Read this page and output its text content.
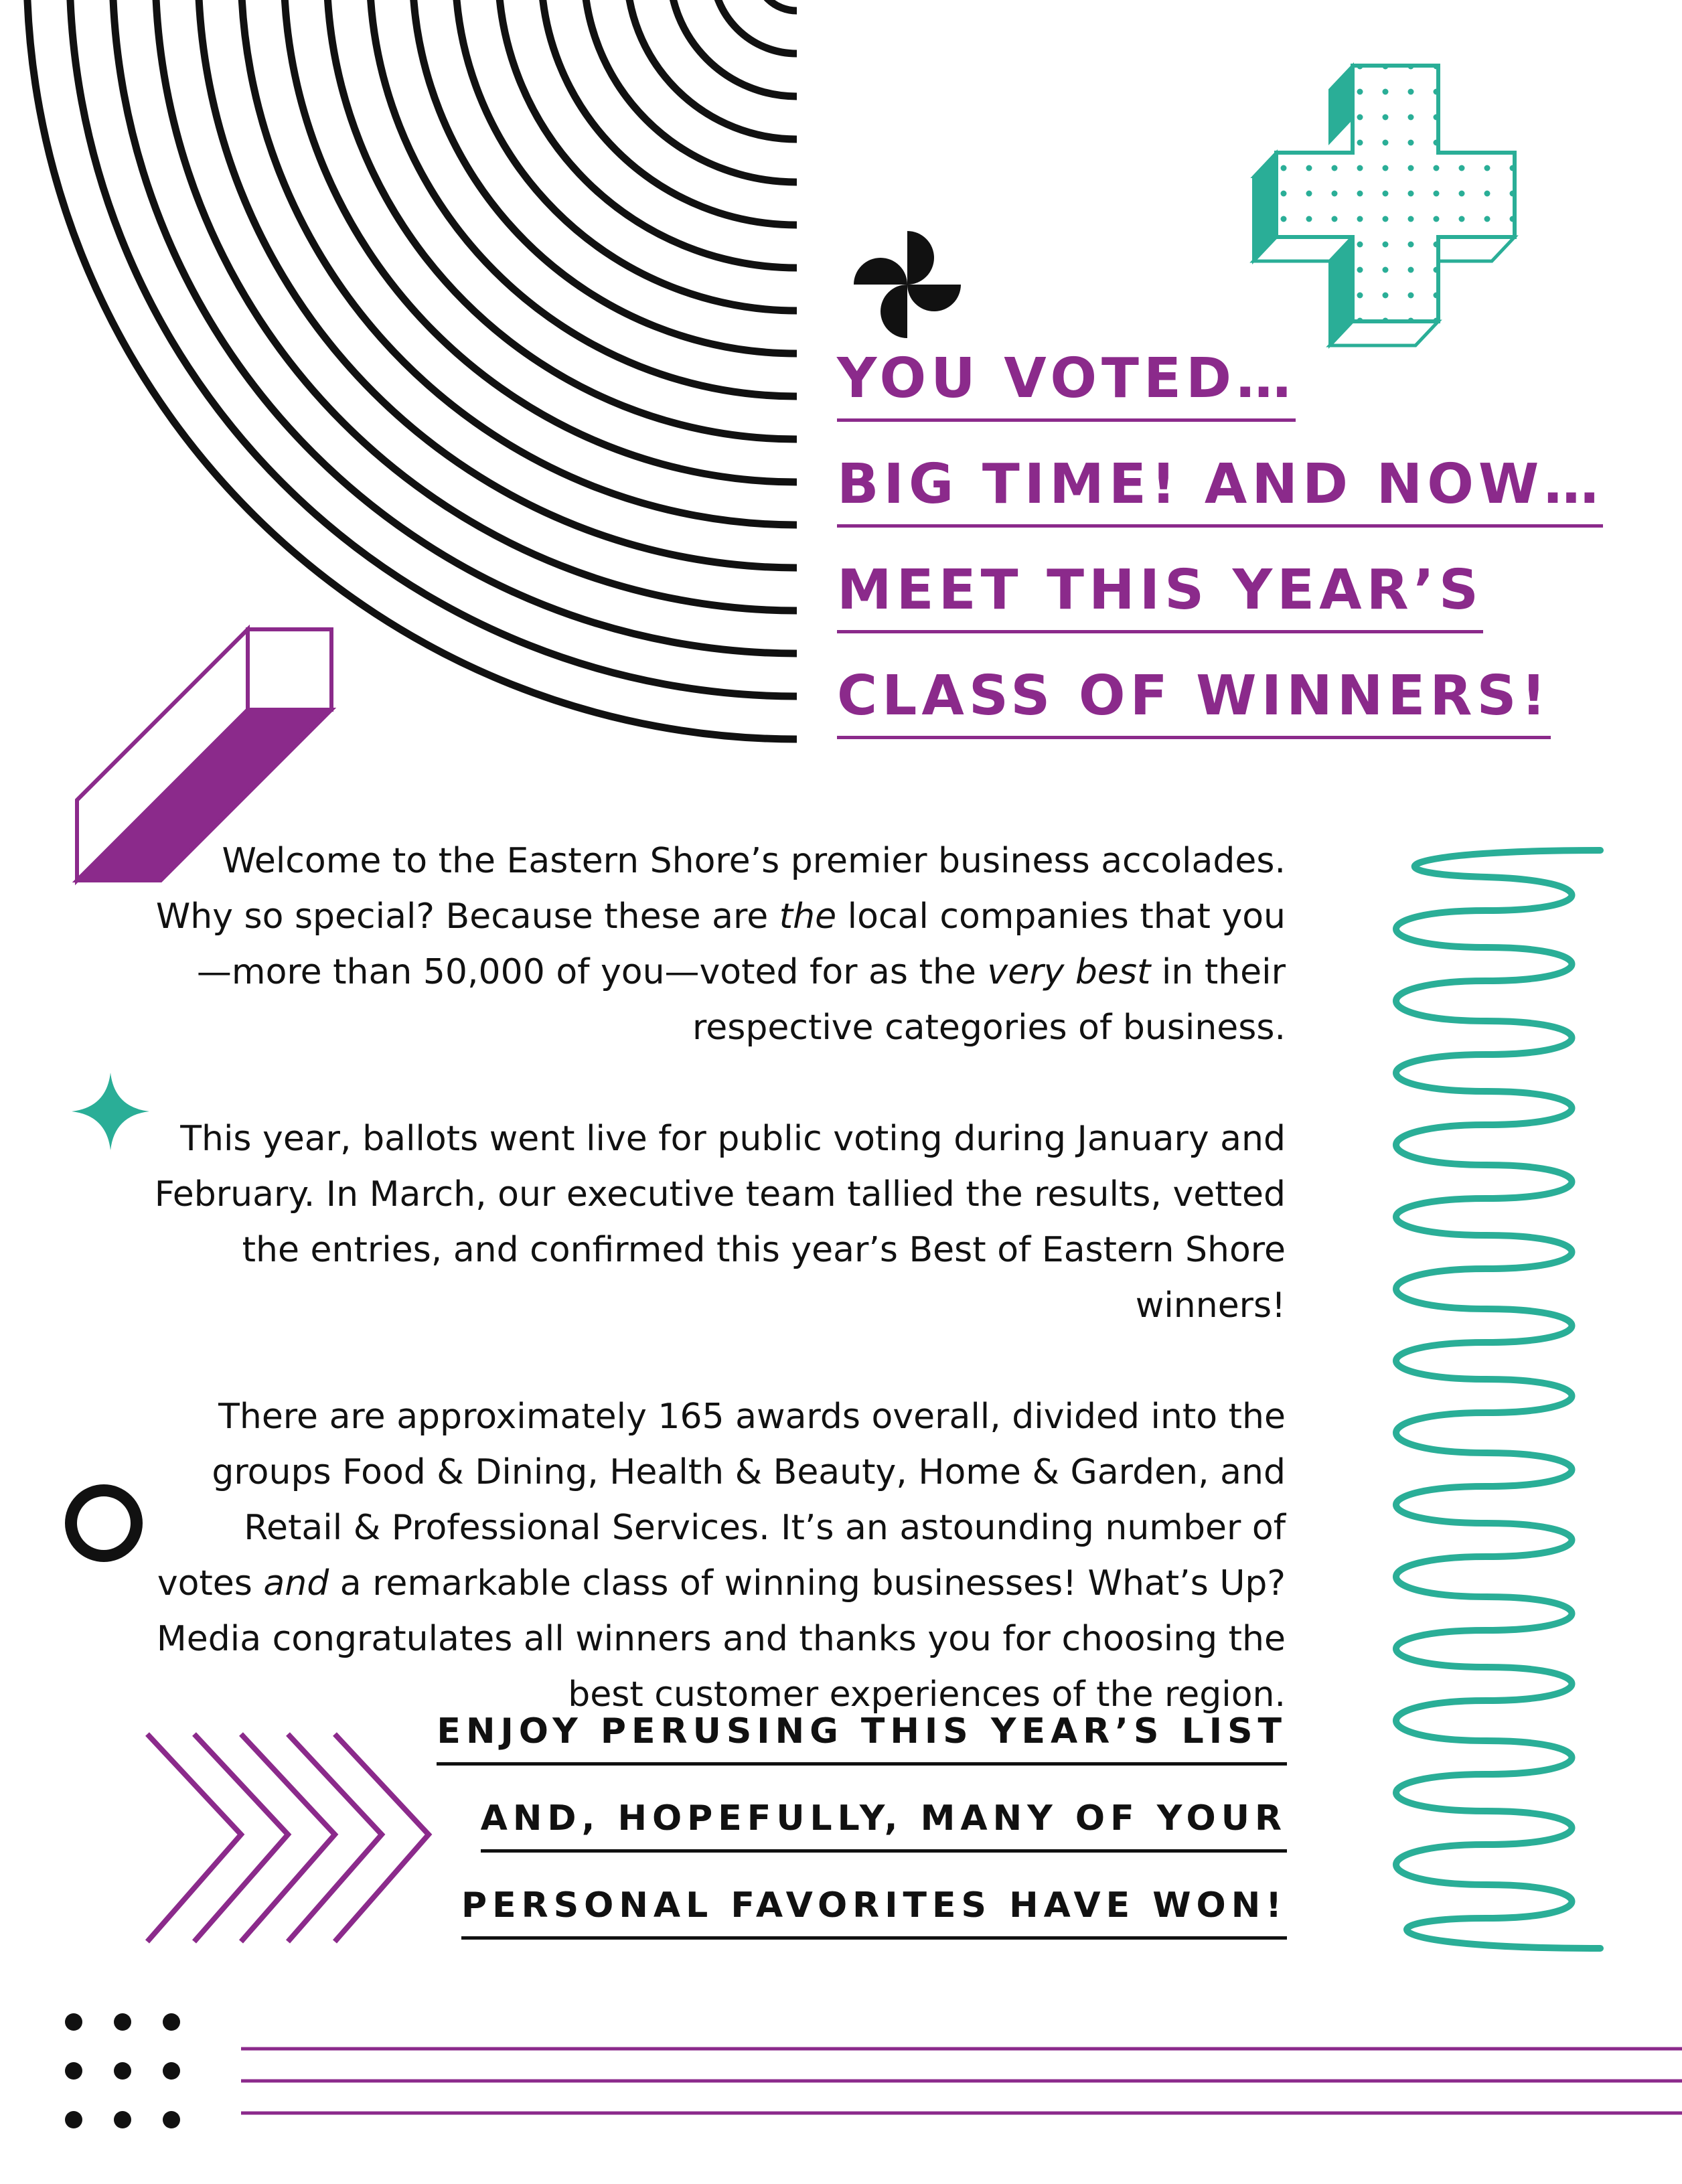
YOU VOTED…
BIG TIME! AND NOW…
MEET THIS YEAR’S
CLASS OF WINNERS!

Welcome to the Eastern Shore’s premier business accolades. Why so special? Because these are the local companies that you—more than 50,000 of you—voted for as the very best in their respective categories of business.

This year, ballots went live for public voting during January and February. In March, our executive team tallied the results, vetted the entries, and confirmed this year’s Best of Eastern Shore winners!

There are approximately 165 awards overall, divided into the groups Food & Dining, Health & Beauty, Home & Garden, and Retail & Professional Services. It’s an astounding number of votes and a remarkable class of winning businesses! What’s Up? Media congratulates all winners and thanks you for choosing the best customer experiences of the region.

ENJOY PERUSING THIS YEAR’S LIST
AND, HOPEFULLY, MANY OF YOUR
PERSONAL FAVORITES HAVE WON!
